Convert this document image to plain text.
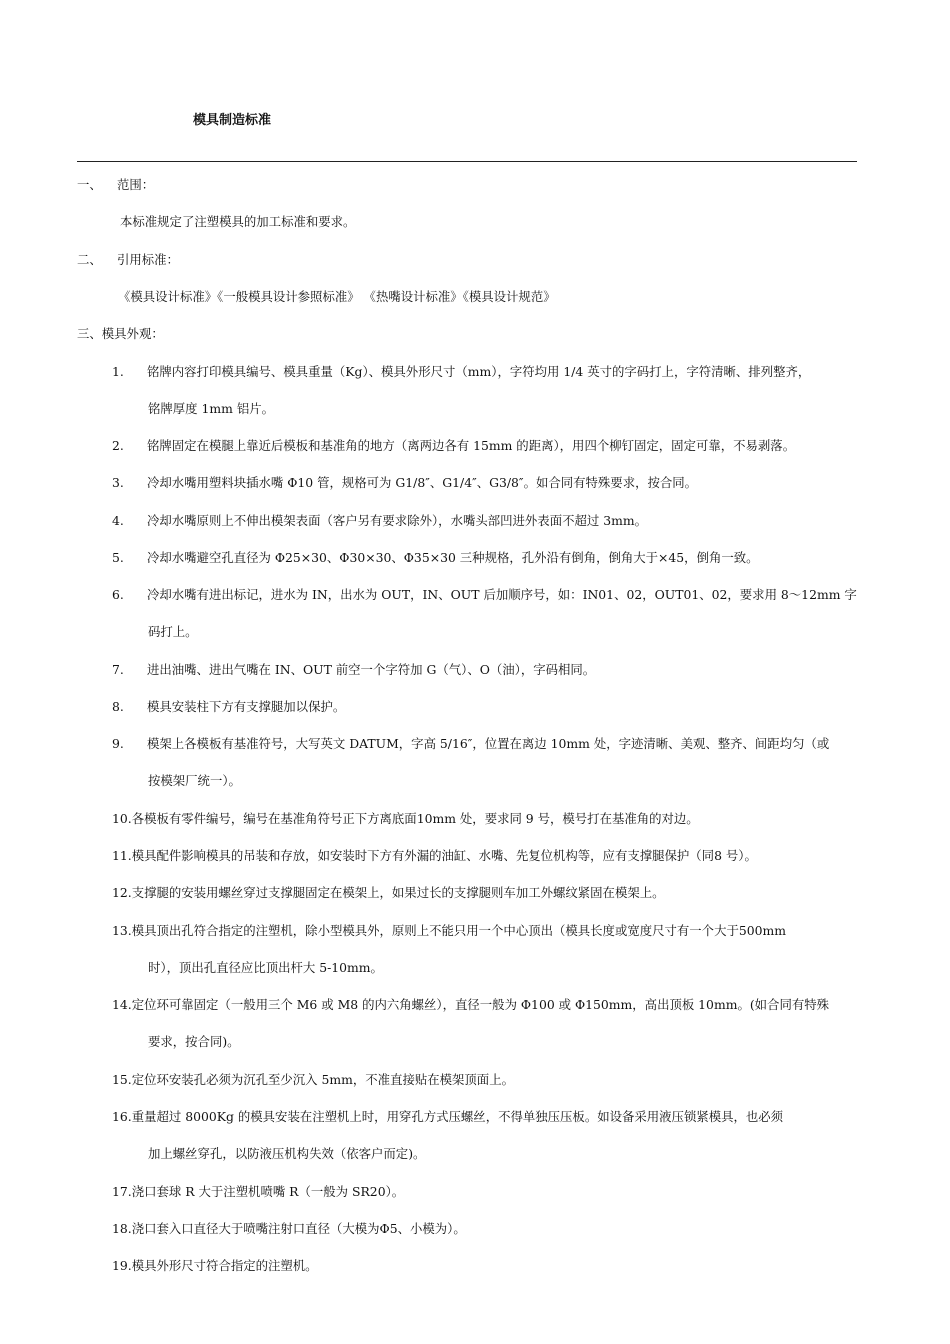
模具制造标准
一、 范围：
本标准规定了注塑模具的加工标准和要求。
二、 引用标准：
《模具设计标准》《一般模具设计参照标准》 《热嘴设计标准》《模具设计规范》
三、模具外观：
1. 铭牌内容打印模具编号、模具重量（Kg）、模具外形尺寸（mm），字符均用 1/4 英寸的字码打上，字符清晰、排列整齐，
铭牌厚度 1mm 铝片。
2. 铭牌固定在模腿上靠近后模板和基准角的地方（离两边各有 15mm 的距离），用四个柳钉固定，固定可靠，不易剥落。
3. 冷却水嘴用塑料块插水嘴 Φ10 管，规格可为 G1/8″、G1/4″、G3/8″。如合同有特殊要求，按合同。
4. 冷却水嘴原则上不伸出模架表面（客户另有要求除外），水嘴头部凹进外表面不超过 3mm。
5. 冷却水嘴避空孔直径为 Φ25×30、Φ30×30、Φ35×30 三种规格，孔外沿有倒角，倒角大于×45，倒角一致。
6. 冷却水嘴有进出标记，进水为 IN，出水为 OUT，IN、OUT 后加顺序号，如：IN01、02，OUT01、02，要求用 8～12mm 字
码打上。
7. 进出油嘴、进出气嘴在 IN、OUT 前空一个字符加 G（气）、O（油），字码相同。
8. 模具安装柱下方有支撑腿加以保护。
9. 模架上各模板有基准符号，大写英文 DATUM，字高 5/16″，位置在离边 10mm 处，字迹清晰、美观、整齐、间距均匀（或
按模架厂统一）。
10.各模板有零件编号，编号在基准角符号正下方离底面10mm 处，要求同 9 号，模号打在基准角的对边。
11.模具配件影响模具的吊装和存放，如安装时下方有外漏的油缸、水嘴、先复位机构等，应有支撑腿保护（同8 号）。
12.支撑腿的安装用螺丝穿过支撑腿固定在模架上，如果过长的支撑腿则车加工外螺纹紧固在模架上。
13.模具顶出孔符合指定的注塑机，除小型模具外，原则上不能只用一个中心顶出（模具长度或宽度尺寸有一个大于500mm
时），顶出孔直径应比顶出杆大 5-10mm。
14.定位环可靠固定（一般用三个 M6 或 M8 的内六角螺丝），直径一般为 Φ100 或 Φ150mm，高出顶板 10mm。(如合同有特殊
要求，按合同)。
15.定位环安装孔必须为沉孔至少沉入 5mm，不准直接贴在模架顶面上。
16.重量超过 8000Kg 的模具安装在注塑机上时，用穿孔方式压螺丝，不得单独压压板。如设备采用液压锁紧模具，也必须
加上螺丝穿孔，以防液压机构失效（依客户而定)。
17.浇口套球 R 大于注塑机喷嘴 R（一般为 SR20）。
18.浇口套入口直径大于喷嘴注射口直径（大模为Φ5、小模为）。
19.模具外形尺寸符合指定的注塑机。
